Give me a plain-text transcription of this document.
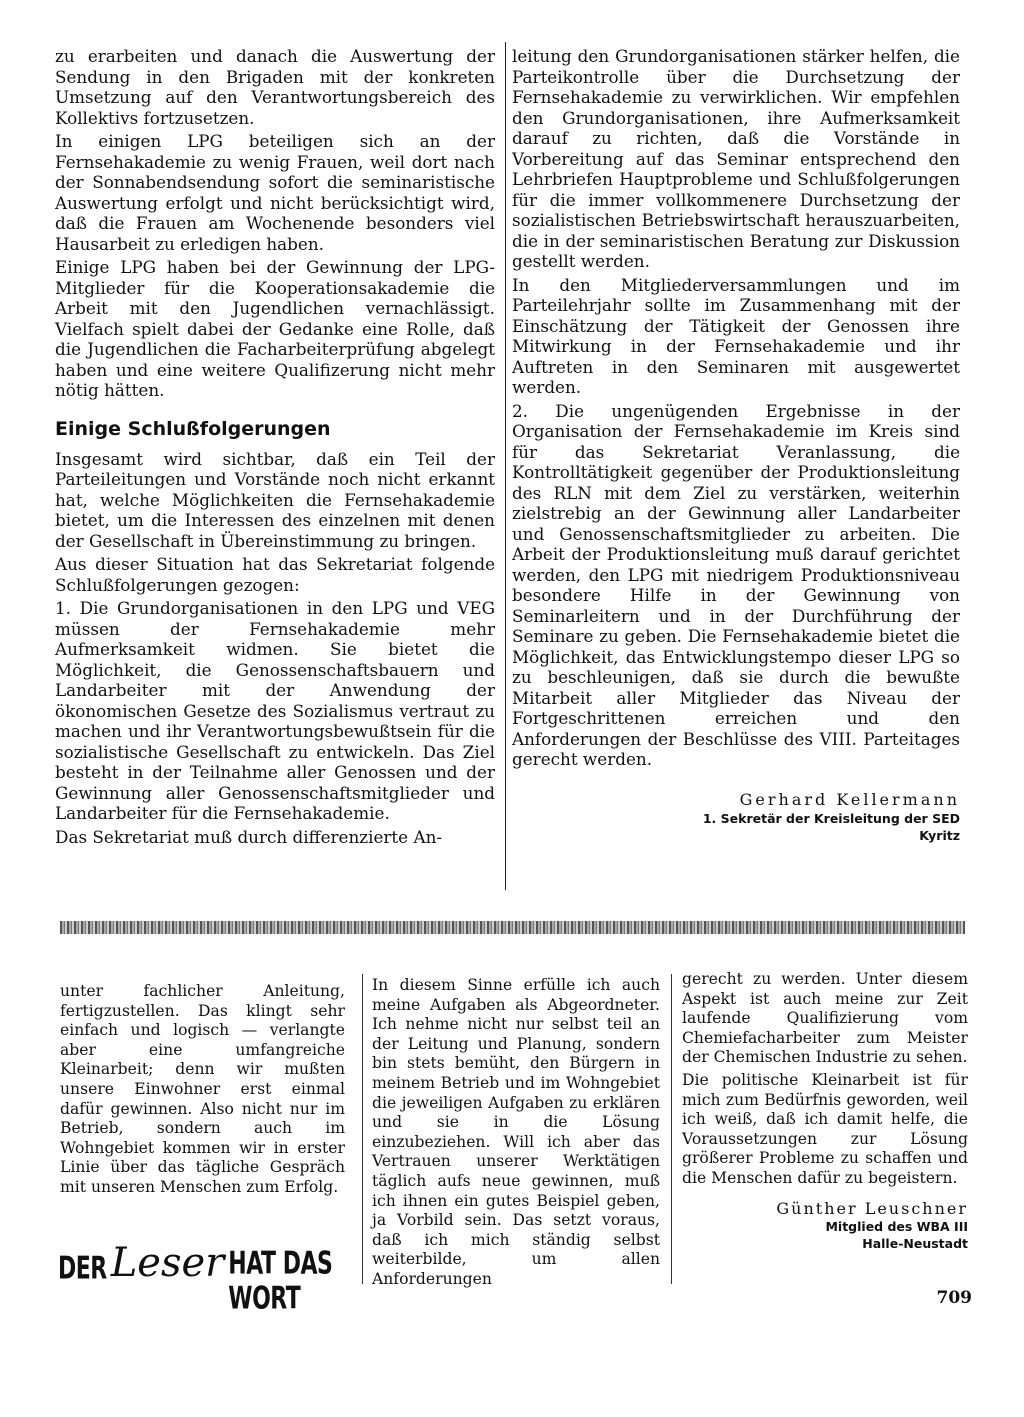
zu erarbeiten und danach die Auswertung der Sendung in den Brigaden mit der konkreten Umsetzung auf den Verantwortungsbereich des Kollektivs fortzusetzen.

In einigen LPG beteiligen sich an der Fernsehakademie zu wenig Frauen, weil dort nach der Sonnabendsendung sofort die seminaristische Auswertung erfolgt und nicht berücksichtigt wird, daß die Frauen am Wochenende besonders viel Hausarbeit zu erledigen haben.

Einige LPG haben bei der Gewinnung der LPG-Mitglieder für die Kooperationsakademie die Arbeit mit den Jugendlichen vernachlässigt. Vielfach spielt dabei der Gedanke eine Rolle, daß die Jugendlichen die Facharbeiterprüfung abgelegt haben und eine weitere Qualifizerung nicht mehr nötig hätten.

Einige Schlußfolgerungen

Insgesamt wird sichtbar, daß ein Teil der Parteileitungen und Vorstände noch nicht erkannt hat, welche Möglichkeiten die Fernsehakademie bietet, um die Interessen des einzelnen mit denen der Gesellschaft in Übereinstimmung zu bringen.

Aus dieser Situation hat das Sekretariat folgende Schlußfolgerungen gezogen:

1. Die Grundorganisationen in den LPG und VEG müssen der Fernsehakademie mehr Aufmerksamkeit widmen. Sie bietet die Möglichkeit, die Genossenschaftsbauern und Landarbeiter mit der Anwendung der ökonomischen Gesetze des Sozialismus vertraut zu machen und ihr Verantwortungsbewußtsein für die sozialistische Gesellschaft zu entwickeln. Das Ziel besteht in der Teilnahme aller Genossen und der Gewinnung aller Genossenschaftsmitglieder und Landarbeiter für die Fernsehakademie.

Das Sekretariat muß durch differenzierte An-

leitung den Grundorganisationen stärker helfen, die Parteikontrolle über die Durchsetzung der Fernsehakademie zu verwirklichen. Wir empfehlen den Grundorganisationen, ihre Aufmerksamkeit darauf zu richten, daß die Vorstände in Vorbereitung auf das Seminar entsprechend den Lehrbriefen Hauptprobleme und Schlußfolgerungen für die immer vollkommenere Durchsetzung der sozialistischen Betriebswirtschaft herauszuarbeiten, die in der seminaristischen Beratung zur Diskussion gestellt werden.

In den Mitgliederversammlungen und im Parteilehrjahr sollte im Zusammenhang mit der Einschätzung der Tätigkeit der Genossen ihre Mitwirkung in der Fernsehakademie und ihr Auftreten in den Seminaren mit ausgewertet werden.

2. Die ungenügenden Ergebnisse in der Organisation der Fernsehakademie im Kreis sind für das Sekretariat Veranlassung, die Kontrolltätigkeit gegenüber der Produktionsleitung des RLN mit dem Ziel zu verstärken, weiterhin zielstrebig an der Gewinnung aller Landarbeiter und Genossenschaftsmitglieder zu arbeiten. Die Arbeit der Produktionsleitung muß darauf gerichtet werden, den LPG mit niedrigem Produktionsniveau besondere Hilfe in der Gewinnung von Seminarleitern und in der Durchführung der Seminare zu geben. Die Fernsehakademie bietet die Möglichkeit, das Entwicklungstempo dieser LPG so zu beschleunigen, daß sie durch die bewußte Mitarbeit aller Mitglieder das Niveau der Fortgeschrittenen erreichen und den Anforderungen der Beschlüsse des VIII. Parteitages gerecht werden.

Gerhard Kellermann
1. Sekretär der Kreisleitung der SED
Kyritz

unter fachlicher Anleitung, fertigzustellen. Das klingt sehr einfach und logisch — verlangte aber eine umfangreiche Kleinarbeit; denn wir mußten unsere Einwohner erst einmal dafür gewinnen. Also nicht nur im Betrieb, sondern auch im Wohngebiet kommen wir in erster Linie über das tägliche Gespräch mit unseren Menschen zum Erfolg.

In diesem Sinne erfülle ich auch meine Aufgaben als Abgeordneter. Ich nehme nicht nur selbst teil an der Leitung und Planung, sondern bin stets bemüht, den Bürgern in meinem Betrieb und im Wohngebiet die jeweiligen Aufgaben zu erklären und sie in die Lösung einzubeziehen. Will ich aber das Vertrauen unserer Werktätigen täglich aufs neue gewinnen, muß ich ihnen ein gutes Beispiel geben, ja Vorbild sein. Das setzt voraus, daß ich mich ständig selbst weiterbilde, um allen Anforderungen

gerecht zu werden. Unter diesem Aspekt ist auch meine zur Zeit laufende Qualifizierung vom Chemiefacharbeiter zum Meister der Chemischen Industrie zu sehen.

Die politische Kleinarbeit ist für mich zum Bedürfnis geworden, weil ich weiß, daß ich damit helfe, die Voraussetzungen zur Lösung größerer Probleme zu schaffen und die Menschen dafür zu begeistern.

Günther Leuschner
Mitglied des WBA III
Halle-Neustadt
DER Leser HAT DAS WORT	709
